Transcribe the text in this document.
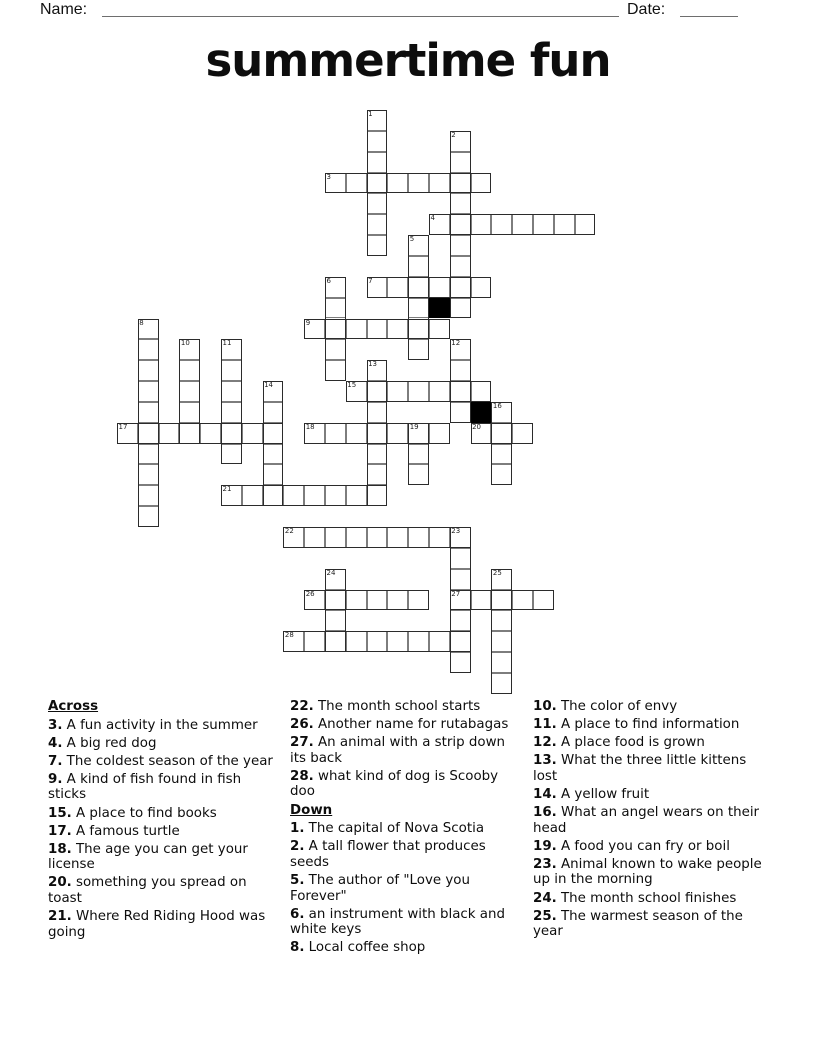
Name:	Date:
summertime fun
1
2
3
4
5
6	7
8	9
10	11	12
13
14	15
16
17	18	19	20
21
22	23
27
24	25
26
28

Across

3. A fun activity in the summer

4. A big red dog

7. The coldest season of the year

9. A kind of fish found in fish sticks

15. A place to find books

17. A famous turtle

18. The age you can get your license

20. something you spread on toast

21. Where Red Riding Hood was going

22. The month school starts

26. Another name for rutabagas

27. An animal with a strip down its back

28. what kind of dog is Scooby doo

Down

1. The capital of Nova Scotia

2. A tall flower that produces seeds

5. The author of "Love you Forever"

6. an instrument with black and white keys

8. Local coffee shop

10. The color of envy

11. A place to find information

12. A place food is grown

13. What the three little kittens lost

14. A yellow fruit

16. What an angel wears on their head

19. A food you can fry or boil

23. Animal known to wake people up in the morning

24. The month school finishes

25. The warmest season of the year
